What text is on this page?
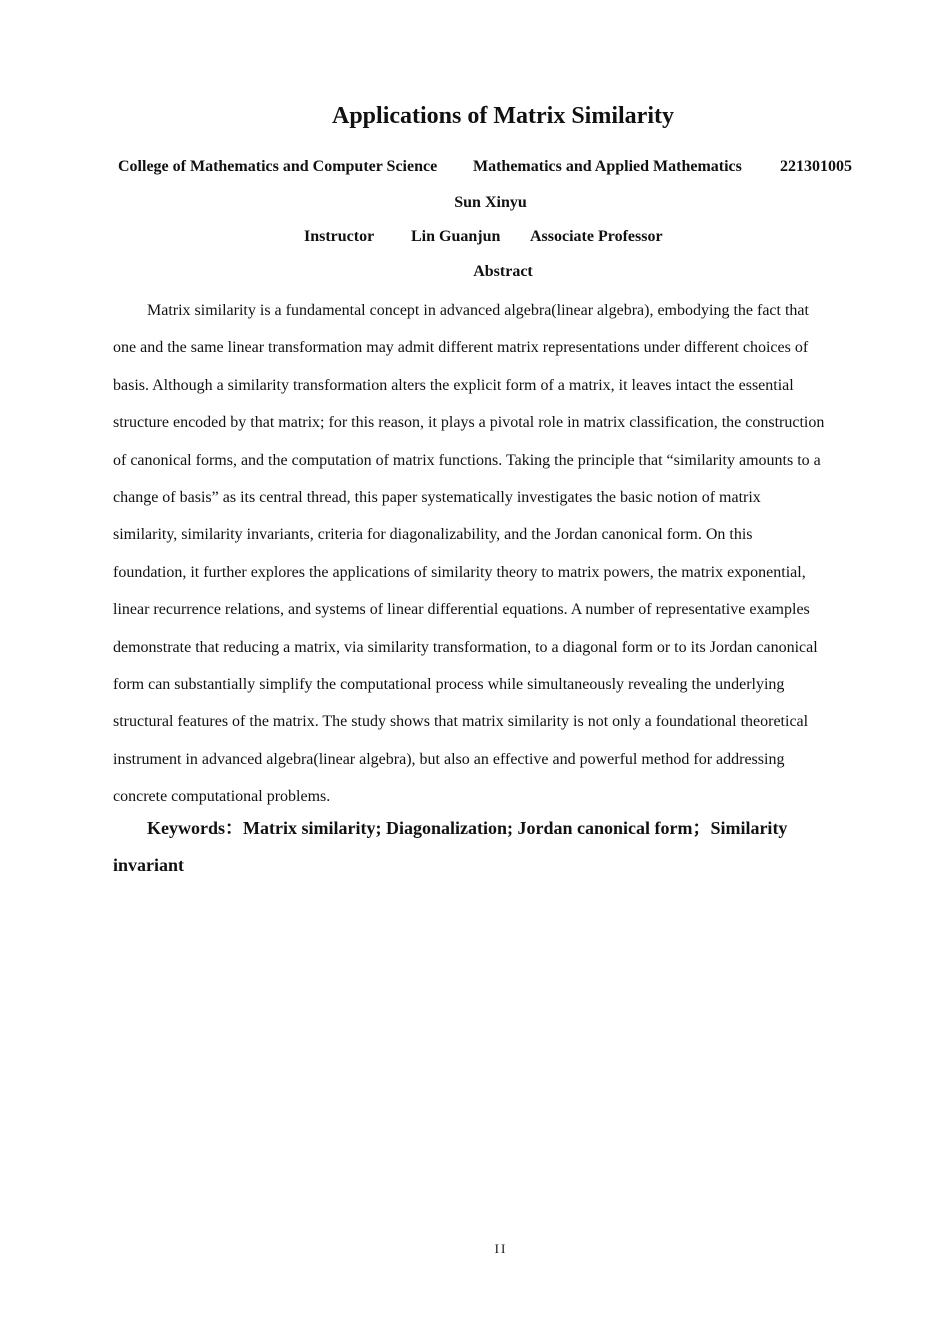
Applications of Matrix Similarity
College of Mathematics and Computer Science Mathematics and Applied Mathematics 221301005
Sun Xinyu
Instructor Lin Guanjun Associate Professor
Abstract
Matrix similarity is a fundamental concept in advanced algebra(linear algebra), embodying the fact that
one and the same linear transformation may admit different matrix representations under different choices of
basis. Although a similarity transformation alters the explicit form of a matrix, it leaves intact the essential
structure encoded by that matrix; for this reason, it plays a pivotal role in matrix classification, the construction
of canonical forms, and the computation of matrix functions. Taking the principle that “similarity amounts to a
change of basis” as its central thread, this paper systematically investigates the basic notion of matrix
similarity, similarity invariants, criteria for diagonalizability, and the Jordan canonical form. On this
foundation, it further explores the applications of similarity theory to matrix powers, the matrix exponential,
linear recurrence relations, and systems of linear differential equations. A number of representative examples
demonstrate that reducing a matrix, via similarity transformation, to a diagonal form or to its Jordan canonical
form can substantially simplify the computational process while simultaneously revealing the underlying
structural features of the matrix. The study shows that matrix similarity is not only a foundational theoretical
instrument in advanced algebra(linear algebra), but also an effective and powerful method for addressing
concrete computational problems.
Keywords：Matrix similarity; Diagonalization; Jordan canonical form；Similarity
invariant
II
